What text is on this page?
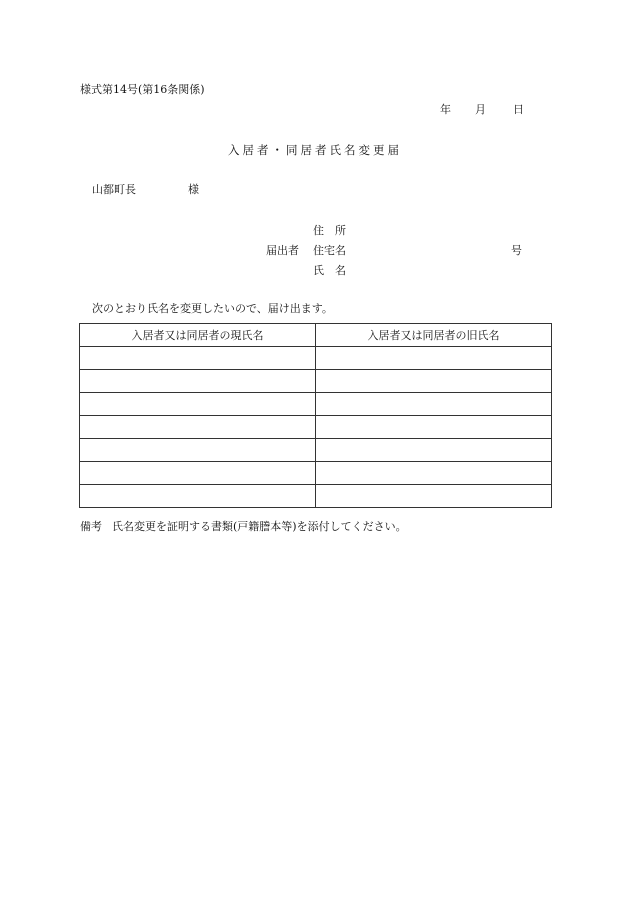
様式第14号(第16条関係)
年 月 日
入居者・同居者氏名変更届
山都町長	様
住　所
届出者 住宅名	号
氏　名
次のとおり氏名を変更したいので、届け出ます。
入居者又は同居者の現氏名	入居者又は同居者の旧氏名

備考 氏名変更を証明する書類(戸籍謄本等)を添付してください。
